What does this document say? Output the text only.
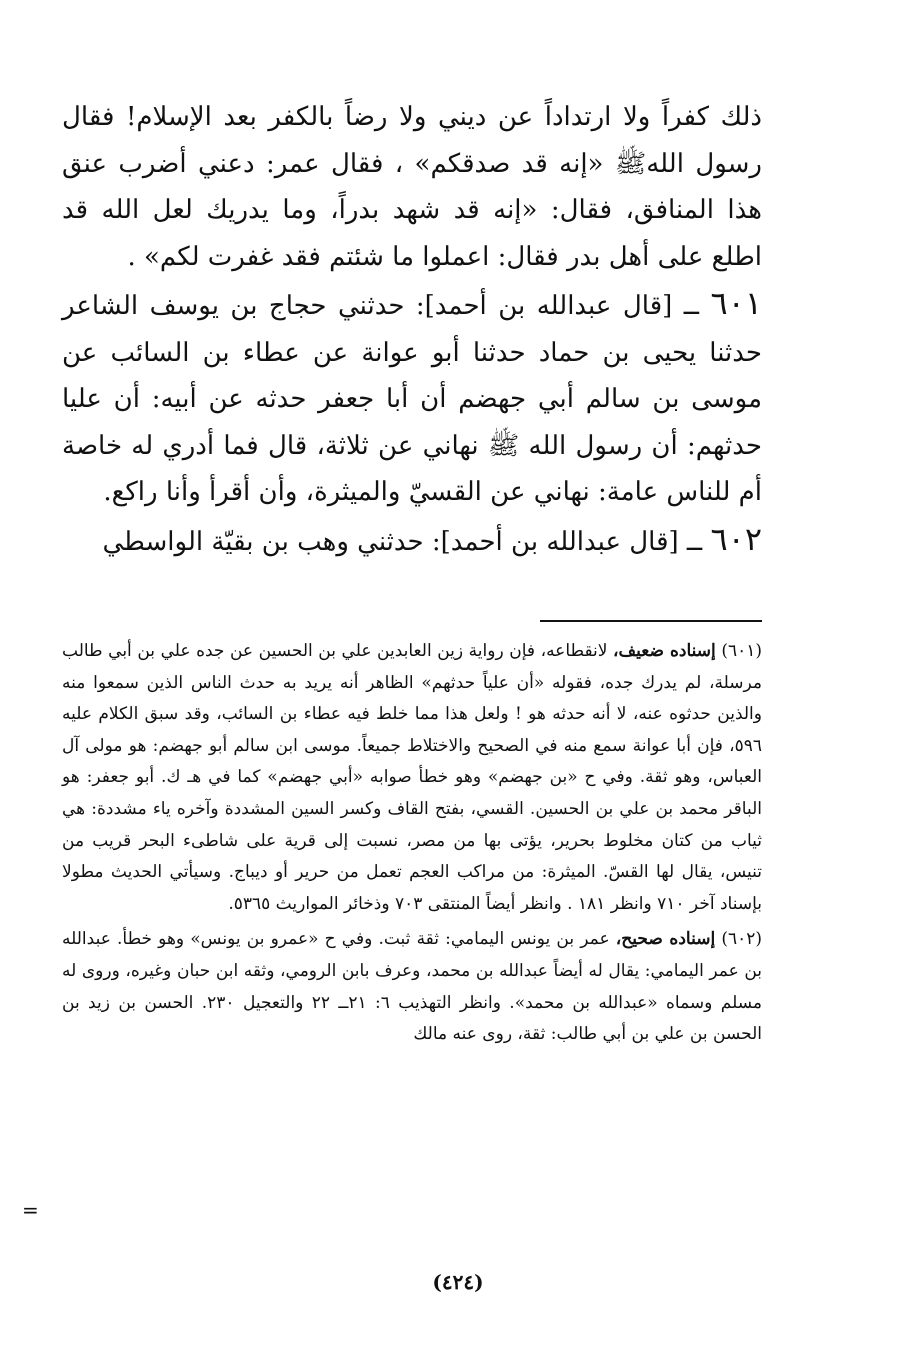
ذلك كفراً ولا ارتداداً عن ديني ولا رضاً بالكفر بعد الإسلام! فقال رسول اللهﷺ «إنه قد صدقكم» ، فقال عمر: دعني أضرب عنق هذا المنافق، فقال: «إنه قد شهد بدراً، وما يدريك لعل الله قد اطلع على أهل بدر فقال: اعملوا ما شئتم فقد غفرت لكم» .

٦٠١ ــ [قال عبدالله بن أحمد]: حدثني حجاج بن يوسف الشاعر حدثنا يحيى بن حماد حدثنا أبو عوانة عن عطاء بن السائب عن موسى بن سالم أبي جهضم أن أبا جعفر حدثه عن أبيه: أن عليا حدثهم: أن رسول الله ﷺ نهاني عن ثلاثة، قال فما أدري له خاصة أم للناس عامة: نهاني عن القسيّ والميثرة، وأن أقرأ وأنا راكع.

٦٠٢ ــ [قال عبدالله بن أحمد]: حدثني وهب بن بقيّة الواسطي

(٦٠١) إسناده ضعيف، لانقطاعه، فإن رواية زين العابدين علي بن الحسين عن جده علي بن أبي طالب مرسلة، لم يدرك جده، فقوله «أن علياً حدثهم» الظاهر أنه يريد به حدث الناس الذين سمعوا منه والذين حدثوه عنه، لا أنه حدثه هو ! ولعل هذا مما خلط فيه عطاء بن السائب، وقد سبق الكلام عليه ٥٩٦، فإن أبا عوانة سمع منه في الصحيح والاختلاط جميعاً. موسى ابن سالم أبو جهضم: هو مولى آل العباس، وهو ثقة. وفي ح «بن جهضم» وهو خطأ صوابه «أبي جهضم» كما في هـ ك. أبو جعفر: هو الباقر محمد بن علي بن الحسين. القسي، بفتح القاف وكسر السين المشددة وآخره ياء مشددة: هي ثياب من كتان مخلوط بحرير، يؤتى بها من مصر، نسبت إلى قرية على شاطىء البحر قريب من تنيس، يقال لها القسّ. الميثرة: من مراكب العجم تعمل من حرير أو ديباج. وسيأتي الحديث مطولا بإسناد آخر ٧١٠ وانظر ١٨١ . وانظر أيضاً المنتقى ٧٠٣ وذخائر المواريث ٥٣٦٥.

(٦٠٢) إسناده صحيح، عمر بن يونس اليمامي: ثقة ثبت. وفي ح «عمرو بن يونس» وهو خطأ. عبدالله بن عمر اليمامي: يقال له أيضاً عبدالله بن محمد، وعرف بابن الرومي، وثقه ابن حبان وغيره، وروى له مسلم وسماه «عبدالله بن محمد». وانظر التهذيب ٦: ٢١ــ ٢٢ والتعجيل ٢٣٠. الحسن بن زيد بن الحسن بن علي بن أبي طالب: ثقة، روى عنه مالك

=
(٤٢٤)
